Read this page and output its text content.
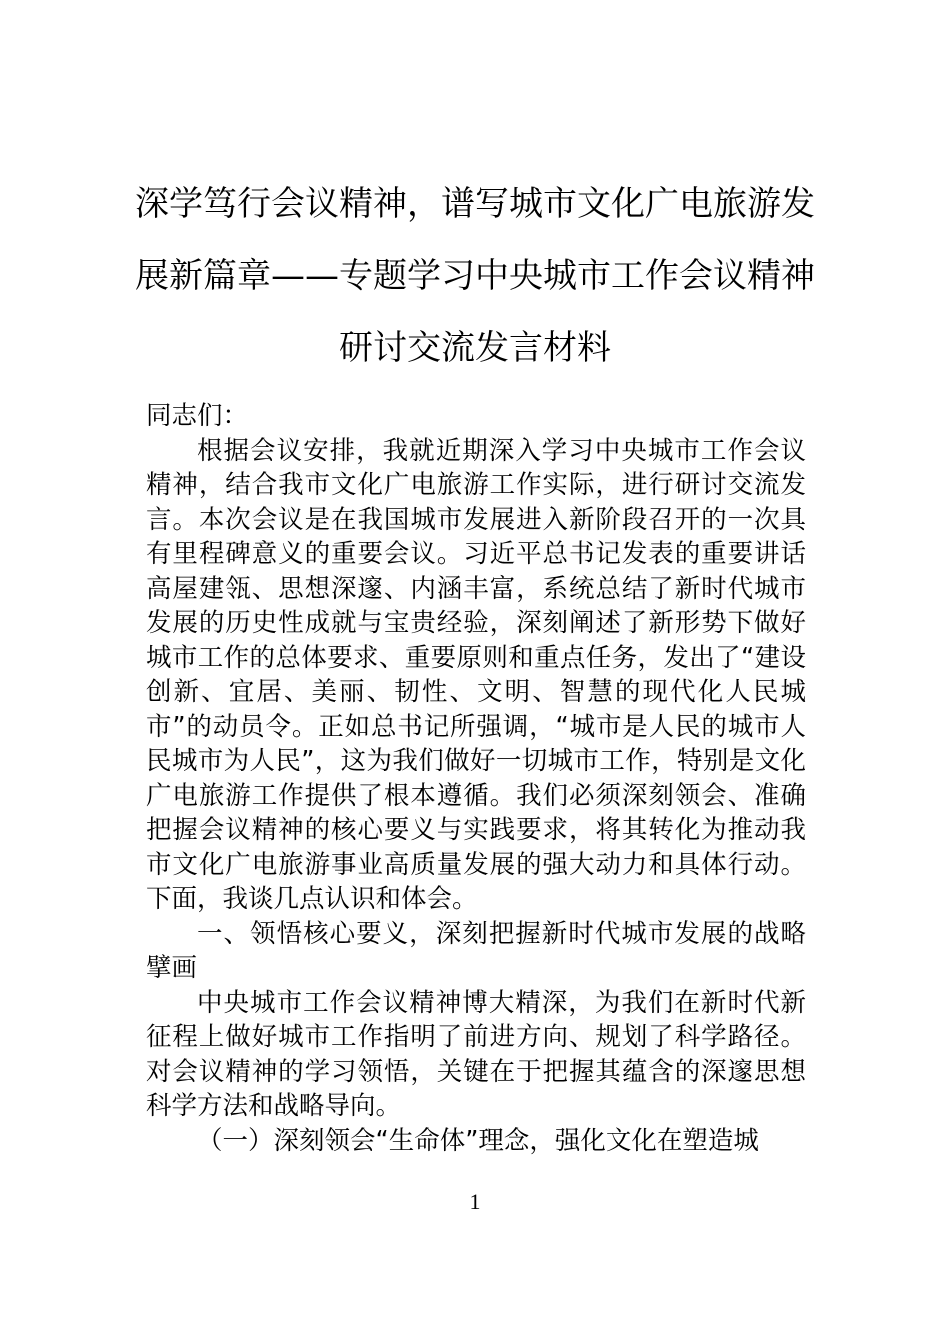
深学笃行会议精神，谱写城市文化广电旅游发展新篇章——专题学习中央城市工作会议精神研讨交流发言材料

同志们：

根据会议安排，我就近期深入学习中央城市工作会议精神，结合我市文化广电旅游工作实际，进行研讨交流发言。本次会议是在我国城市发展进入新阶段召开的一次具有里程碑意义的重要会议。习近平总书记发表的重要讲话高屋建瓴、思想深邃、内涵丰富，系统总结了新时代城市发展的历史性成就与宝贵经验，深刻阐述了新形势下做好城市工作的总体要求、重要原则和重点任务，发出了“建设创新、宜居、美丽、韧性、文明、智慧的现代化人民城市”的动员令。正如总书记所强调，“城市是人民的城市人民城市为人民”，这为我们做好一切城市工作，特别是文化广电旅游工作提供了根本遵循。我们必须深刻领会、准确把握会议精神的核心要义与实践要求，将其转化为推动我市文化广电旅游事业高质量发展的强大动力和具体行动。下面，我谈几点认识和体会。

一、领悟核心要义，深刻把握新时代城市发展的战略擘画

中央城市工作会议精神博大精深，为我们在新时代新征程上做好城市工作指明了前进方向、规划了科学路径。对会议精神的学习领悟，关键在于把握其蕴含的深邃思想科学方法和战略导向。

（一）深刻领会“生命体”理念，强化文化在塑造城

1
